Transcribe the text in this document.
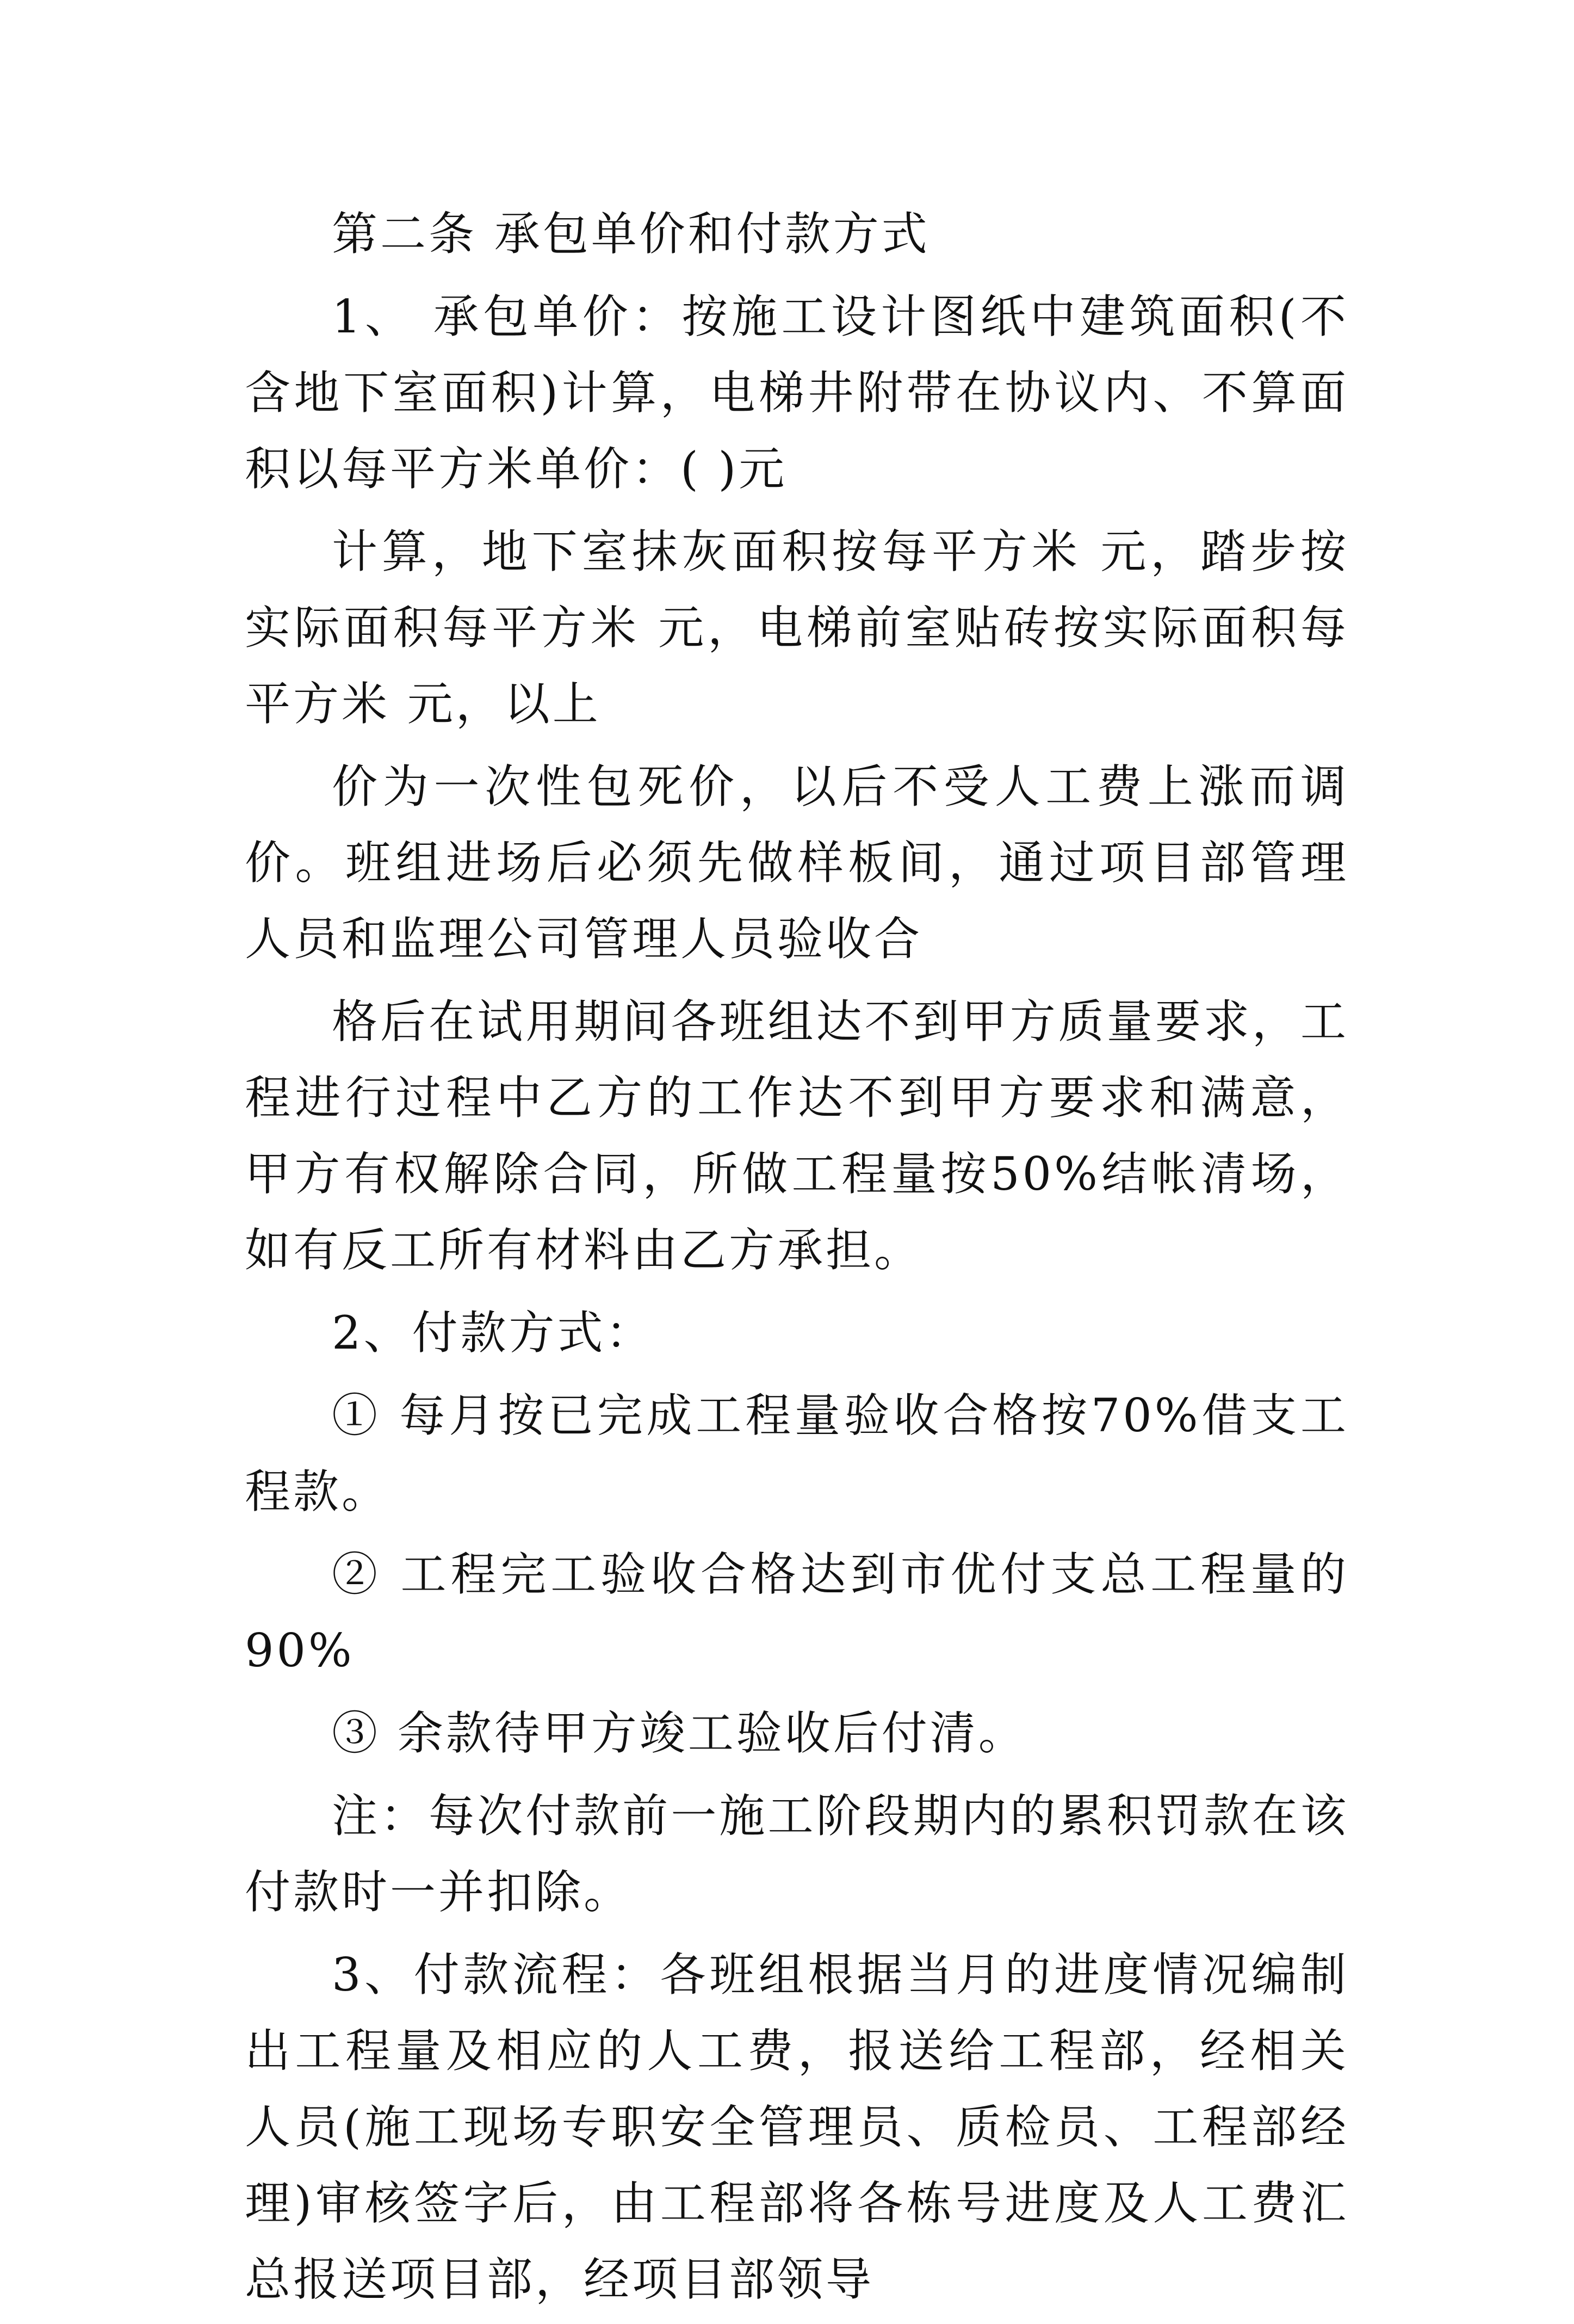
第二条 承包单价和付款方式

1、 承包单价：按施工设计图纸中建筑面积(不含地下室面积)计算，电梯井附带在协议内、不算面积以每平方米单价：( )元

计算，地下室抹灰面积按每平方米 元，踏步按实际面积每平方米 元，电梯前室贴砖按实际面积每平方米 元，以上

价为一次性包死价，以后不受人工费上涨而调价。班组进场后必须先做样板间，通过项目部管理人员和监理公司管理人员验收合

格后在试用期间各班组达不到甲方质量要求，工程进行过程中乙方的工作达不到甲方要求和满意，甲方有权解除合同，所做工程量按50%结帐清场，如有反工所有材料由乙方承担。

2、付款方式：

① 每月按已完成工程量验收合格按70%借支工程款。

② 工程完工验收合格达到市优付支总工程量的90%

③ 余款待甲方竣工验收后付清。

注：每次付款前一施工阶段期内的累积罚款在该付款时一并扣除。

3、付款流程：各班组根据当月的进度情况编制出工程量及相应的人工费，报送给工程部，经相关人员(施工现场专职安全管理员、质检员、工程部经理)审核签字后，由工程部将各栋号进度及人工费汇总报送项目部，经项目部领导
